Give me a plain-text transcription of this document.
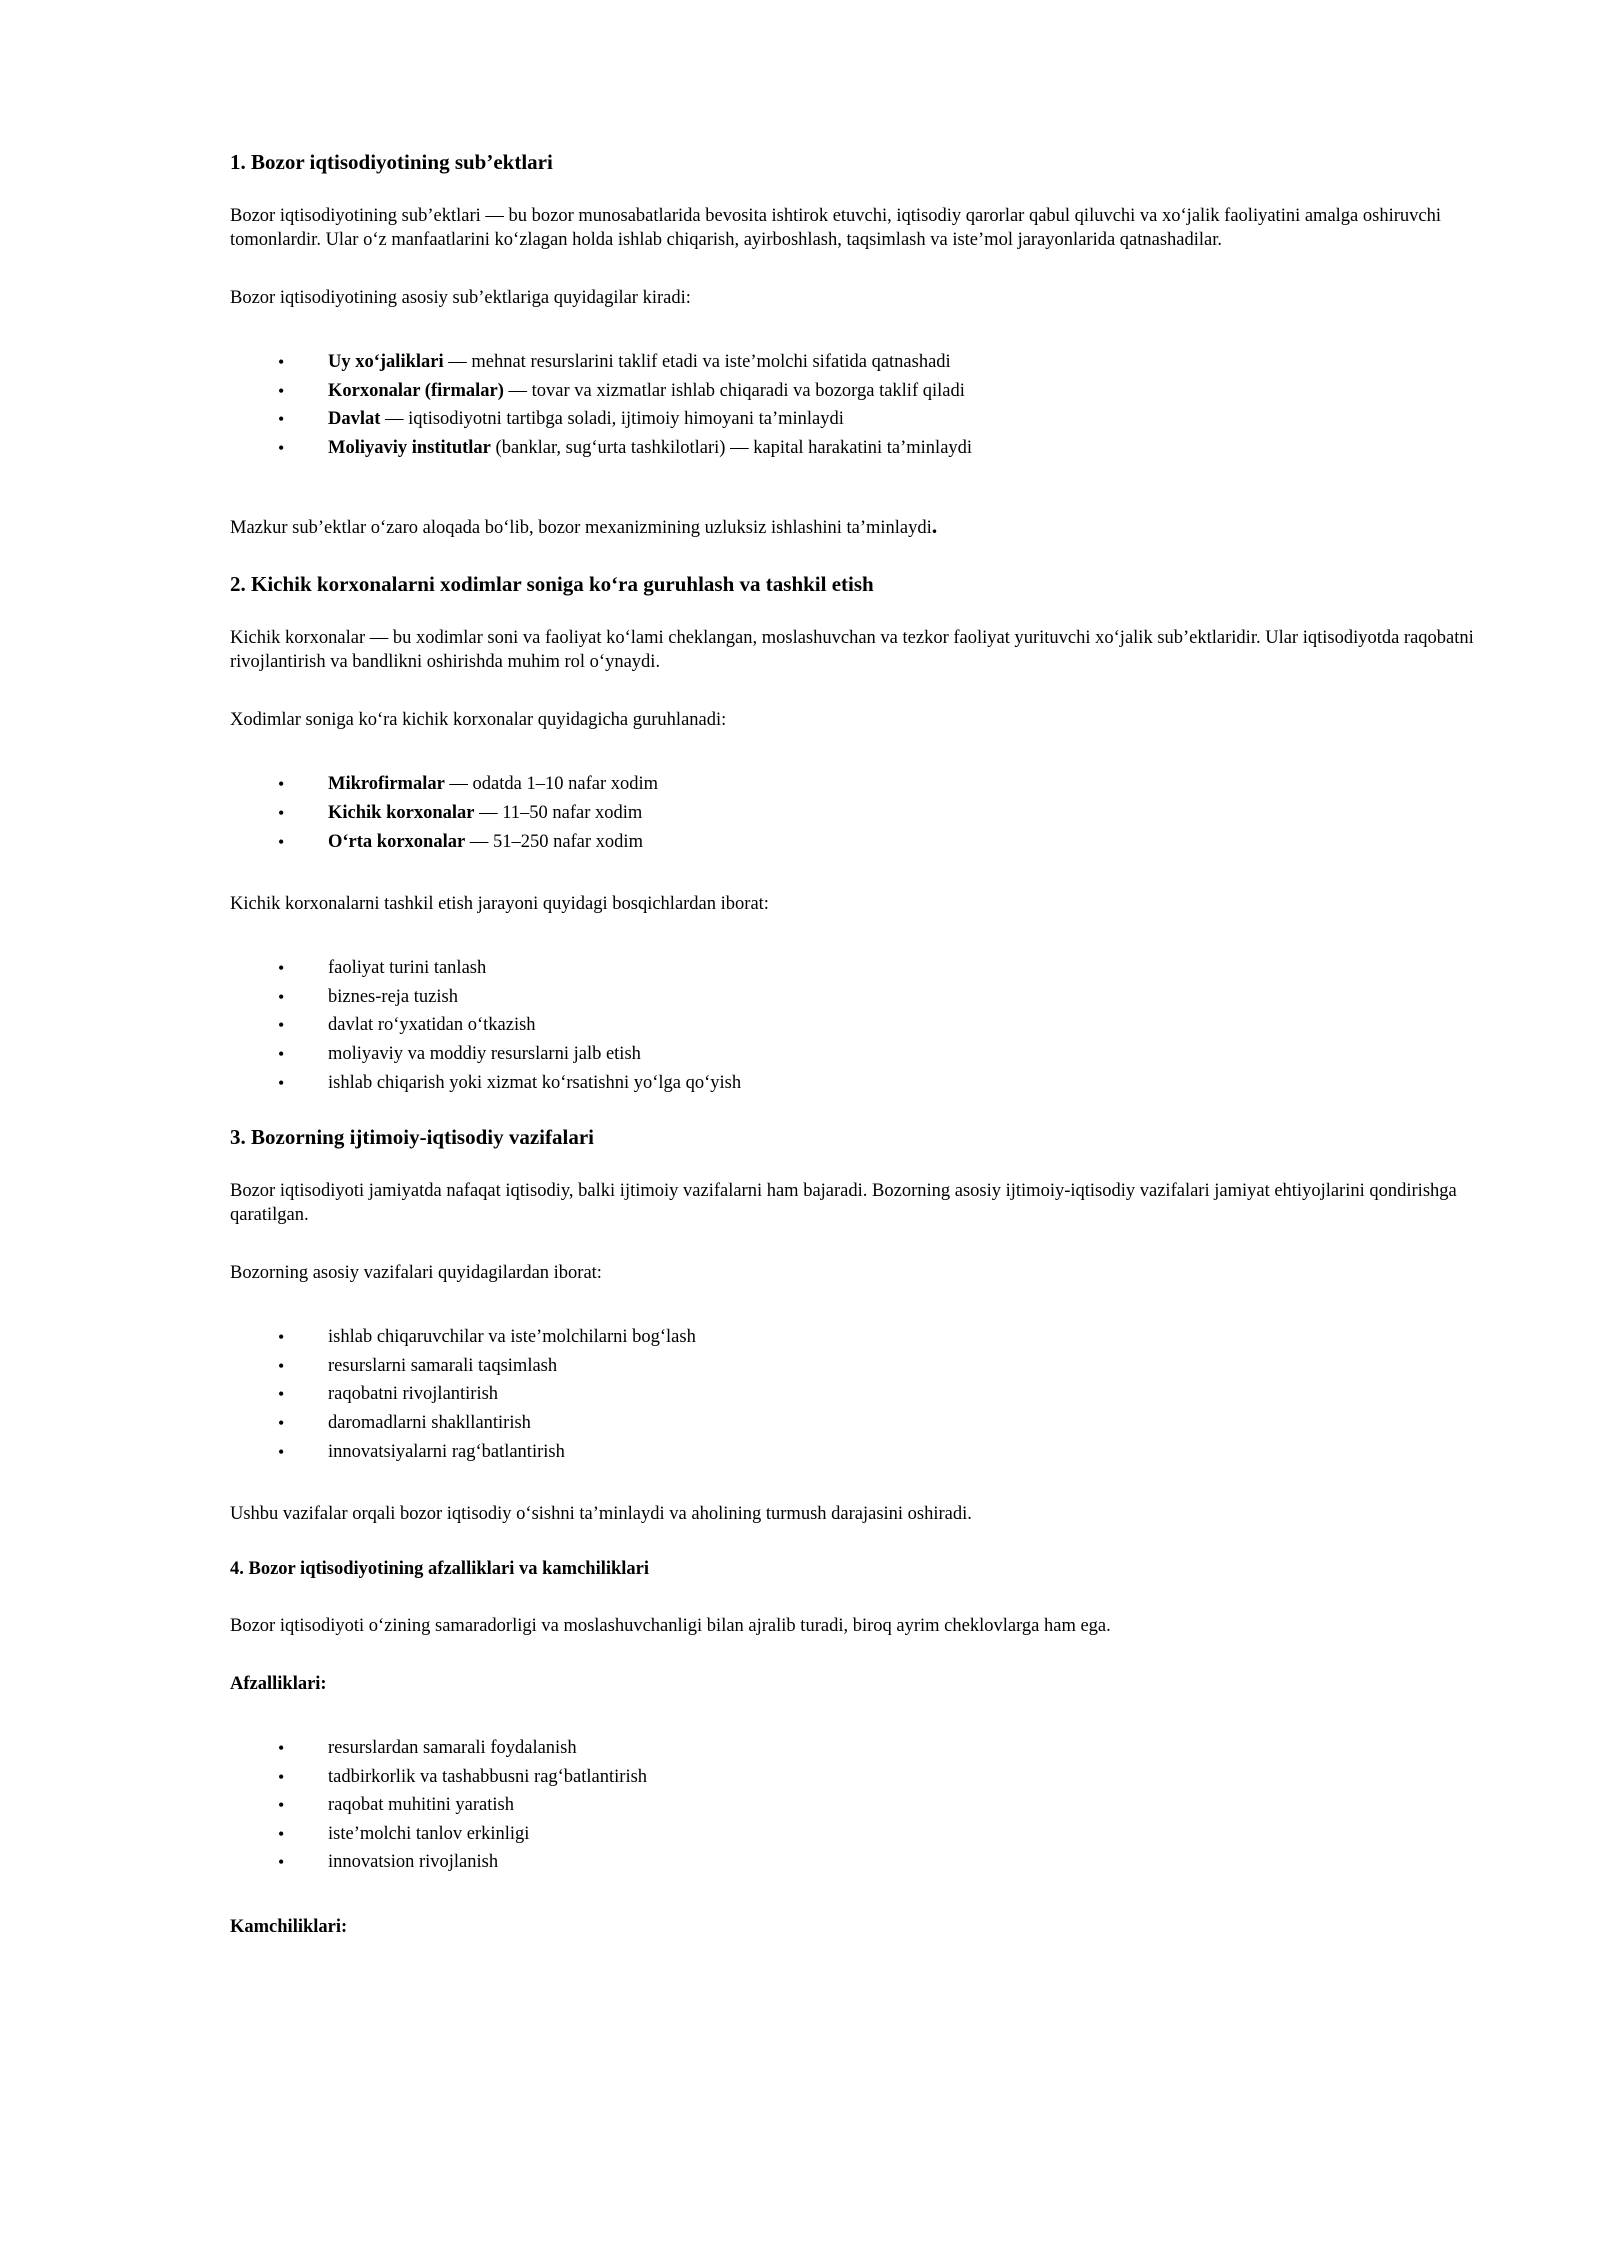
1. Bozor iqtisodiyotining sub’ektlari

Bozor iqtisodiyotining sub’ektlari — bu bozor munosabatlarida bevosita ishtirok etuvchi, iqtisodiy qarorlar qabul qiluvchi va xo‘jalik faoliyatini amalga oshiruvchi tomonlardir. Ular o‘z manfaatlarini ko‘zlagan holda ishlab chiqarish, ayirboshlash, taqsimlash va iste’mol jarayonlarida qatnashadilar.

Bozor iqtisodiyotining asosiy sub’ektlariga quyidagilar kiradi:

• Uy xo‘jaliklari — mehnat resurslarini taklif etadi va iste’molchi sifatida qatnashadi
• Korxonalar (firmalar) — tovar va xizmatlar ishlab chiqaradi va bozorga taklif qiladi
• Davlat — iqtisodiyotni tartibga soladi, ijtimoiy himoyani ta’minlaydi
• Moliyaviy institutlar (banklar, sug‘urta tashkilotlari) — kapital harakatini ta’minlaydi

Mazkur sub’ektlar o‘zaro aloqada bo‘lib, bozor mexanizmining uzluksiz ishlashini ta’minlaydi.

2. Kichik korxonalarni xodimlar soniga ko‘ra guruhlash va tashkil etish

Kichik korxonalar — bu xodimlar soni va faoliyat ko‘lami cheklangan, moslashuvchan va tezkor faoliyat yurituvchi xo‘jalik sub’ektlaridir. Ular iqtisodiyotda raqobatni rivojlantirish va bandlikni oshirishda muhim rol o‘ynaydi.

Xodimlar soniga ko‘ra kichik korxonalar quyidagicha guruhlanadi:

• Mikrofirmalar — odatda 1–10 nafar xodim
• Kichik korxonalar — 11–50 nafar xodim
• O‘rta korxonalar — 51–250 nafar xodim

Kichik korxonalarni tashkil etish jarayoni quyidagi bosqichlardan iborat:

• faoliyat turini tanlash
• biznes-reja tuzish
• davlat ro‘yxatidan o‘tkazish
• moliyaviy va moddiy resurslarni jalb etish
• ishlab chiqarish yoki xizmat ko‘rsatishni yo‘lga qo‘yish
3. Bozorning ijtimoiy-iqtisodiy vazifalari

Bozor iqtisodiyoti jamiyatda nafaqat iqtisodiy, balki ijtimoiy vazifalarni ham bajaradi. Bozorning asosiy ijtimoiy-iqtisodiy vazifalari jamiyat ehtiyojlarini qondirishga qaratilgan.

Bozorning asosiy vazifalari quyidagilardan iborat:

• ishlab chiqaruvchilar va iste’molchilarni bog‘lash
• resurslarni samarali taqsimlash
• raqobatni rivojlantirish
• daromadlarni shakllantirish
• innovatsiyalarni rag‘batlantirish

Ushbu vazifalar orqali bozor iqtisodiy o‘sishni ta’minlaydi va aholining turmush darajasini oshiradi.

4. Bozor iqtisodiyotining afzalliklari va kamchiliklari

Bozor iqtisodiyoti o‘zining samaradorligi va moslashuvchanligi bilan ajralib turadi, biroq ayrim cheklovlarga ham ega.

Afzalliklari:

• resurslardan samarali foydalanish
• tadbirkorlik va tashabbusni rag‘batlantirish
• raqobat muhitini yaratish
• iste’molchi tanlov erkinligi
• innovatsion rivojlanish

Kamchiliklari:
